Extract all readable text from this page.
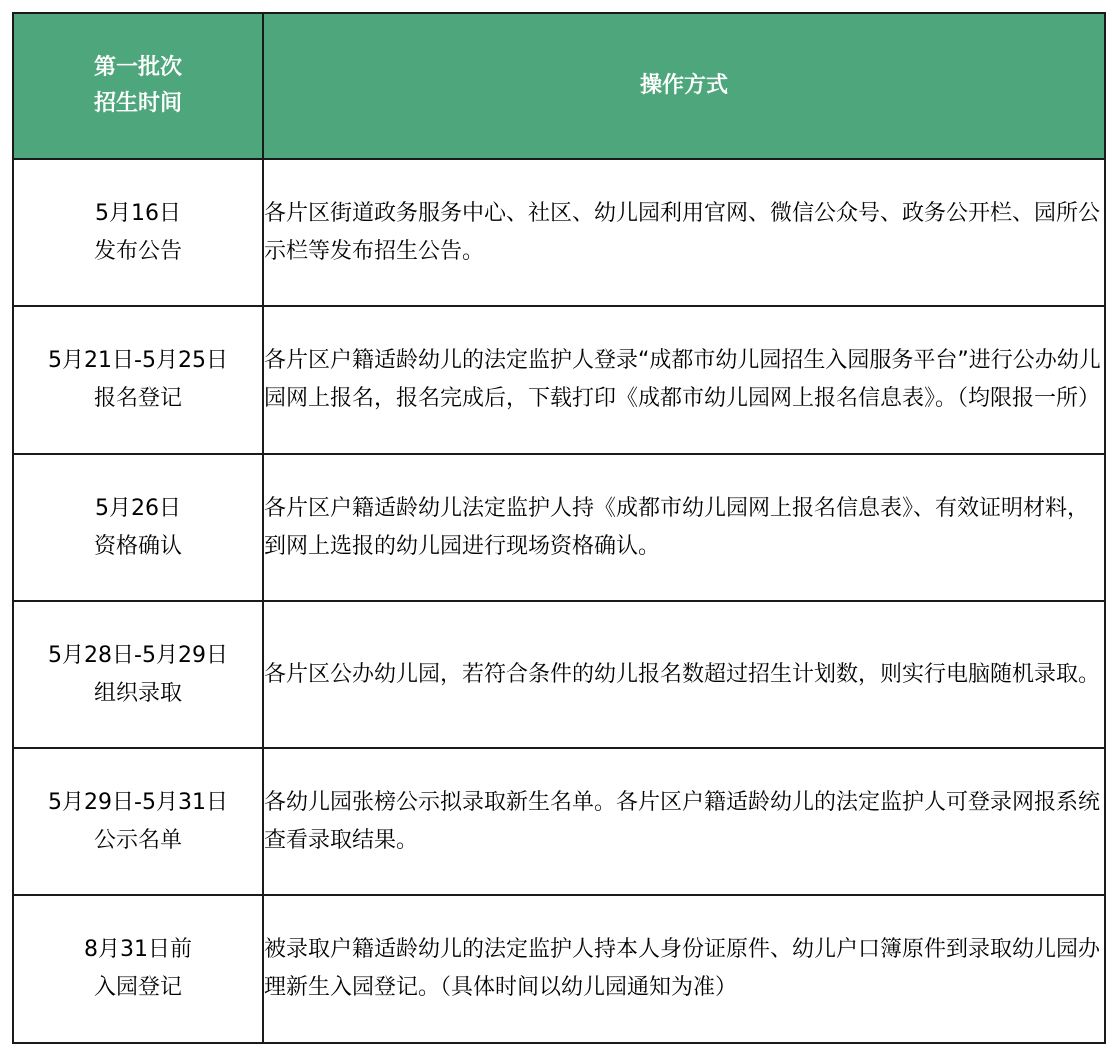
第一批次
招生时间	操作方式

5月16日
发布公告	各片区街道政务服务中心、社区、幼儿园利用官网、微信公众号、政务公开栏、园所公示栏等发布招生公告。

5月21日-5月25日
报名登记	各片区户籍适龄幼儿的法定监护人登录“成都市幼儿园招生入园服务平台”进行公办幼儿园网上报名，报名完成后，下载打印《成都市幼儿园网上报名信息表》。（均限报一所）

5月26日
资格确认	各片区户籍适龄幼儿法定监护人持《成都市幼儿园网上报名信息表》、有效证明材料，到网上选报的幼儿园进行现场资格确认。

5月28日-5月29日
组织录取	各片区公办幼儿园，若符合条件的幼儿报名数超过招生计划数，则实行电脑随机录取。

5月29日-5月31日
公示名单	各幼儿园张榜公示拟录取新生名单。各片区户籍适龄幼儿的法定监护人可登录网报系统查看录取结果。

8月31日前
入园登记	被录取户籍适龄幼儿的法定监护人持本人身份证原件、幼儿户口簿原件到录取幼儿园办理新生入园登记。（具体时间以幼儿园通知为准）
